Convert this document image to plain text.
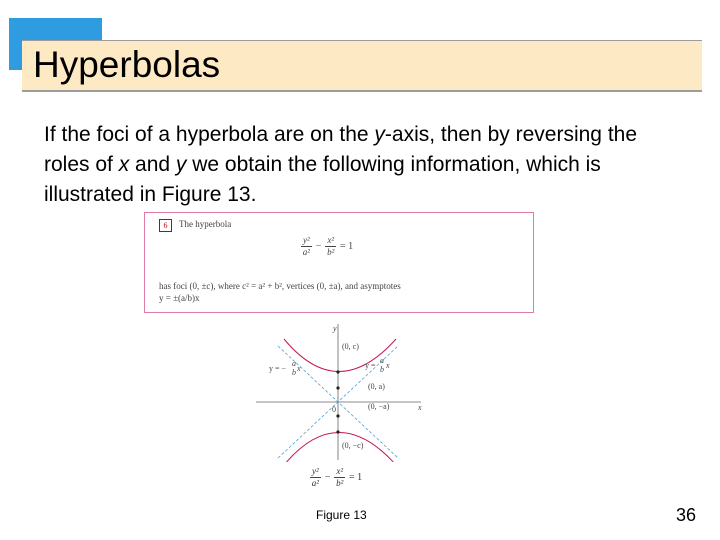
Hyperbolas

If the foci of a hyperbola are on the y-axis, then by reversing the roles of x and y we obtain the following information, which is illustrated in Figure 13.

6	The hyperbola
$\frac{\text{y²}}{\text{a²}} - \frac{\text{x²}}{\text{b²}} = 1$
has foci (0, ±c), where c² = a² + b², vertices (0, ±a), and asymptotes
y = ±(a/b)x
y
x
0
(0, c)
(0, a)
(0, −a)
(0, −c)
y = −
a
b x	y =
a
b x
$\frac{\text{y²}}{\text{a²}} - \frac{\text{x²}}{\text{b²}} = 1$
Figure 13	36
